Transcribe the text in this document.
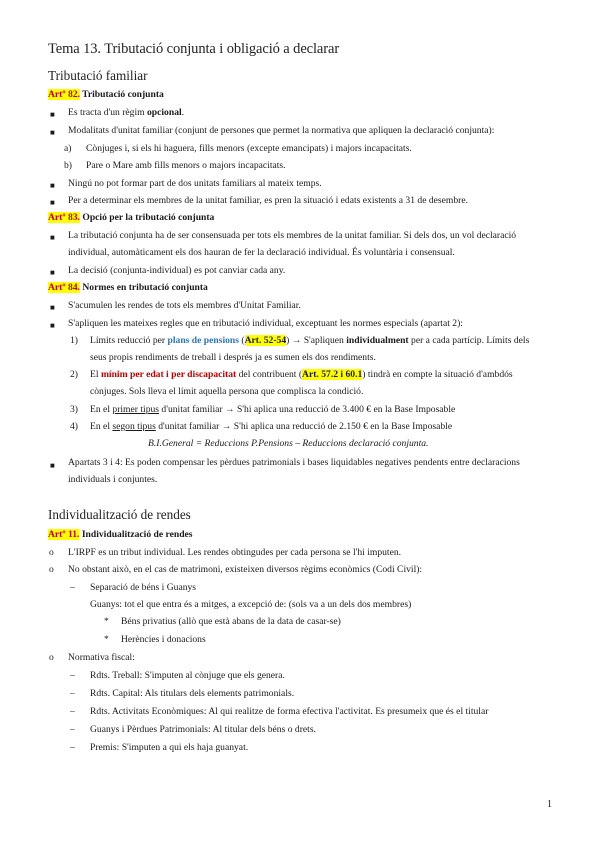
Tema 13. Tributació conjunta i obligació a declarar
Tributació familiar
Artº 82. Tributació conjunta
■ Es tracta d'un règim opcional.
■ Modalitats d'unitat familiar (conjunt de persones que permet la normativa que apliquen la declaració conjunta):
a) Cònjuges i, si els hi haguera, fills menors (excepte emancipats) i majors incapacitats.
b) Pare o Mare amb fills menors o majors incapacitats.
■ Ningú no pot formar part de dos unitats familiars al mateix temps.
■ Per a determinar els membres de la unitat familiar, es pren la situació i edats existents a 31 de desembre.
Artº 83. Opció per la tributació conjunta
■ La tributació conjunta ha de ser consensuada per tots els membres de la unitat familiar. Si dels dos, un vol declaració
individual, automàticament els dos hauran de fer la declaració individual. És voluntària i consensual.
■ La decisió (conjunta-individual) es pot canviar cada any.
Artº 84. Normes en tributació conjunta
■ S'acumulen les rendes de tots els membres d'Unitat Familiar.
■ S'apliquen les mateixes regles que en tributació individual, exceptuant les normes especials (apartat 2):
1) Límits reducció per plans de pensions (Art. 52-54) → S'apliquen individualment per a cada partícip. Límits dels
seus propis rendiments de treball i després ja es sumen els dos rendiments.
2) El mínim per edat i per discapacitat del contribuent (Art. 57.2 i 60.1) tindrà en compte la situació d'ambdós
cònjuges. Sols lleva el límit aquella persona que complisca la condició.
3) En el primer tipus d'unitat familiar → S'hi aplica una reducció de 3.400 € en la Base Imposable
4) En el segon tipus d'unitat familiar → S'hi aplica una reducció de 2.150 € en la Base Imposable
B.I.General = Reduccions P.Pensions – Reduccions declaració conjunta.
■ Apartats 3 i 4: Es poden compensar les pèrdues patrimonials i bases liquidables negatives pendents entre declaracions
individuals i conjuntes.
Individualització de rendes
Artº 11. Individualització de rendes
o L'IRPF es un tribut individual. Les rendes obtingudes per cada persona se l'hi imputen.
o No obstant això, en el cas de matrimoni, existeixen diversos règims econòmics (Codi Civil):
– Separació de béns i Guanys
Guanys: tot el que entra és a mitges, a excepció de: (sols va a un dels dos membres)
* Béns privatius (allò que està abans de la data de casar-se)
* Herències i donacions
o Normativa fiscal:
– Rdts. Treball: S'imputen al cònjuge que els genera.
– Rdts. Capital: Als titulars dels elements patrimonials.
– Rdts. Activitats Econòmiques: Al qui realitze de forma efectiva l'activitat. Es presumeix que és el titular
– Guanys i Pèrdues Patrimonials: Al titular dels béns o drets.
– Premis: S'imputen a qui els haja guanyat.
1
